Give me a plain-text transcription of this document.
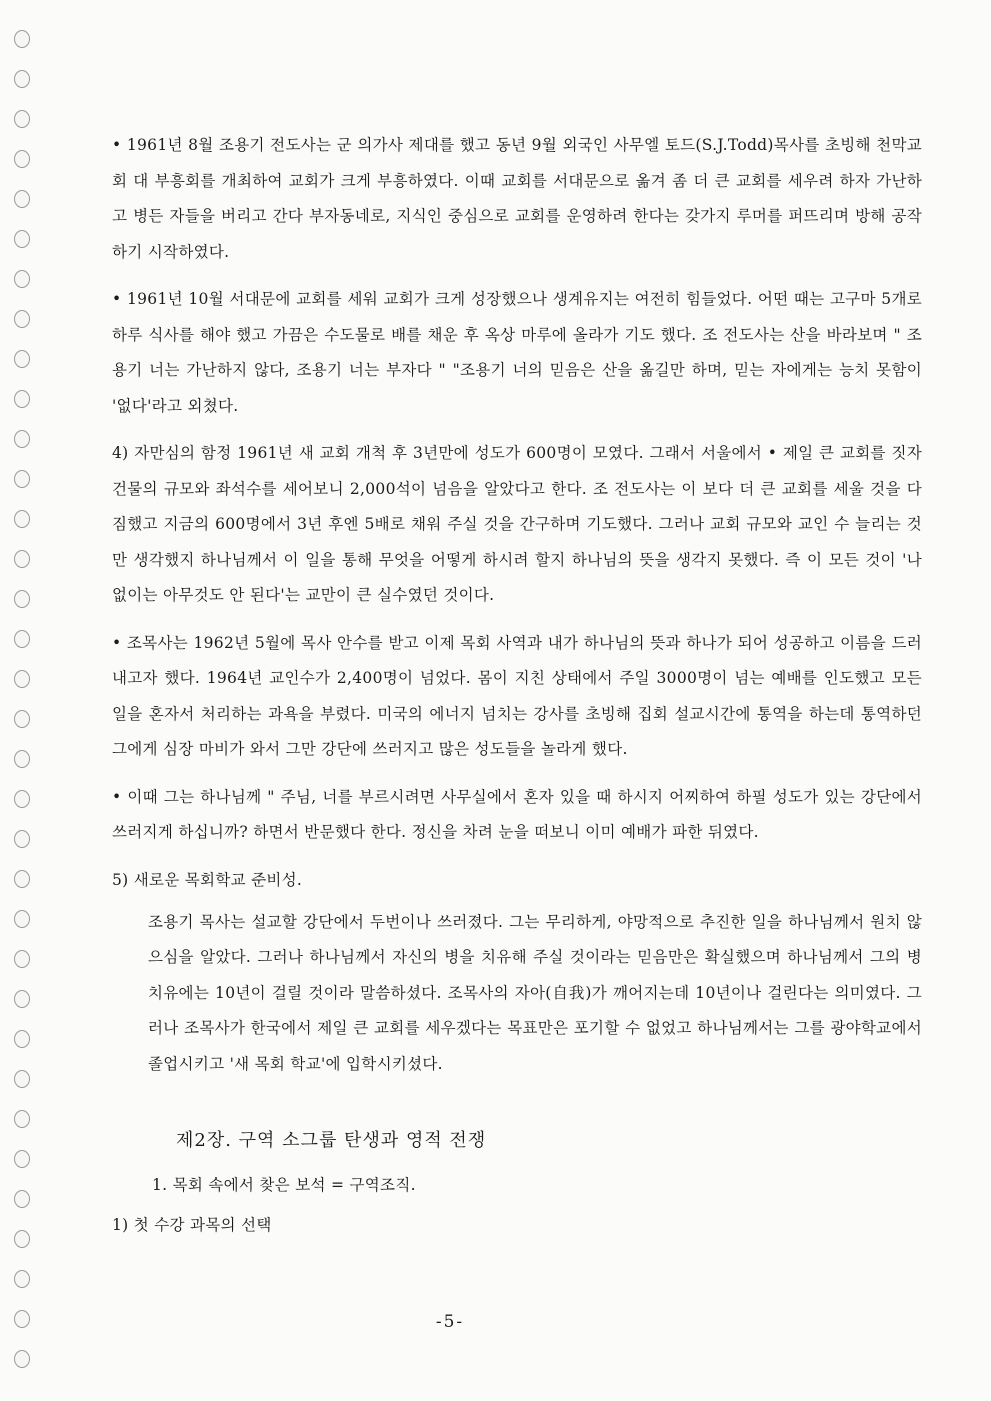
• 1961년 8월 조용기 전도사는 군 의가사 제대를 했고 동년 9월 외국인 사무엘 토드(S.J.Todd)목사를 초빙해 천막교회 대 부흥회를 개최하여 교회가 크게 부흥하였다. 이때 교회를 서대문으로 옮겨 좀 더 큰 교회를 세우려 하자 가난하고 병든 자들을 버리고 간다 부자동네로, 지식인 중심으로 교회를 운영하려 한다는 갖가지 루머를 퍼뜨리며 방해 공작하기 시작하였다.

• 1961년 10월 서대문에 교회를 세워 교회가 크게 성장했으나 생계유지는 여전히 힘들었다. 어떤 때는 고구마 5개로 하루 식사를 해야 했고 가끔은 수도물로 배를 채운 후 옥상 마루에 올라가 기도 했다. 조 전도사는 산을 바라보며 " 조용기 너는 가난하지 않다, 조용기 너는 부자다 " "조용기 너의 믿음은 산을 옮길만 하며, 믿는 자에게는 능치 못함이 '없다'라고 외쳤다.

4) 자만심의 함정 1961년 새 교회 개척 후 3년만에 성도가 600명이 모였다. 그래서 서울에서 • 제일 큰 교회를 짓자 건물의 규모와 좌석수를 세어보니 2,000석이 넘음을 알았다고 한다. 조 전도사는 이 보다 더 큰 교회를 세울 것을 다짐했고 지금의 600명에서 3년 후엔 5배로 채워 주실 것을 간구하며 기도했다. 그러나 교회 규모와 교인 수 늘리는 것만 생각했지 하나님께서 이 일을 통해 무엇을 어떻게 하시려 할지 하나님의 뜻을 생각지 못했다. 즉 이 모든 것이 '나 없이는 아무것도 안 된다'는 교만이 큰 실수였던 것이다.

• 조목사는 1962년 5월에 목사 안수를 받고 이제 목회 사역과 내가 하나님의 뜻과 하나가 되어 성공하고 이름을 드러내고자 했다. 1964년 교인수가 2,400명이 넘었다. 몸이 지친 상태에서 주일 3000명이 넘는 예배를 인도했고 모든 일을 혼자서 처리하는 과욕을 부렸다. 미국의 에너지 넘치는 강사를 초빙해 집회 설교시간에 통역을 하는데 통역하던 그에게 심장 마비가 와서 그만 강단에 쓰러지고 많은 성도들을 놀라게 했다.

• 이때 그는 하나님께 " 주님, 너를 부르시려면 사무실에서 혼자 있을 때 하시지 어찌하여 하필 성도가 있는 강단에서 쓰러지게 하십니까? 하면서 반문했다 한다. 정신을 차려 눈을 떠보니 이미 예배가 파한 뒤였다.

5) 새로운 목회학교 준비성.

조용기 목사는 설교할 강단에서 두번이나 쓰러졌다. 그는 무리하게, 야망적으로 추진한 일을 하나님께서 원치 않으심을 알았다. 그러나 하나님께서 자신의 병을 치유해 주실 것이라는 믿음만은 확실했으며 하나님께서 그의 병 치유에는 10년이 걸릴 것이라 말씀하셨다. 조목사의 자아(自我)가 깨어지는데 10년이나 걸린다는 의미였다. 그러나 조목사가 한국에서 제일 큰 교회를 세우겠다는 목표만은 포기할 수 없었고 하나님께서는 그를 광야학교에서 졸업시키고 '새 목회 학교'에 입학시키셨다.

제2장. 구역 소그룹 탄생과 영적 전쟁

1. 목회 속에서 찾은 보석 = 구역조직.

1) 첫 수강 과목의 선택

-5-
